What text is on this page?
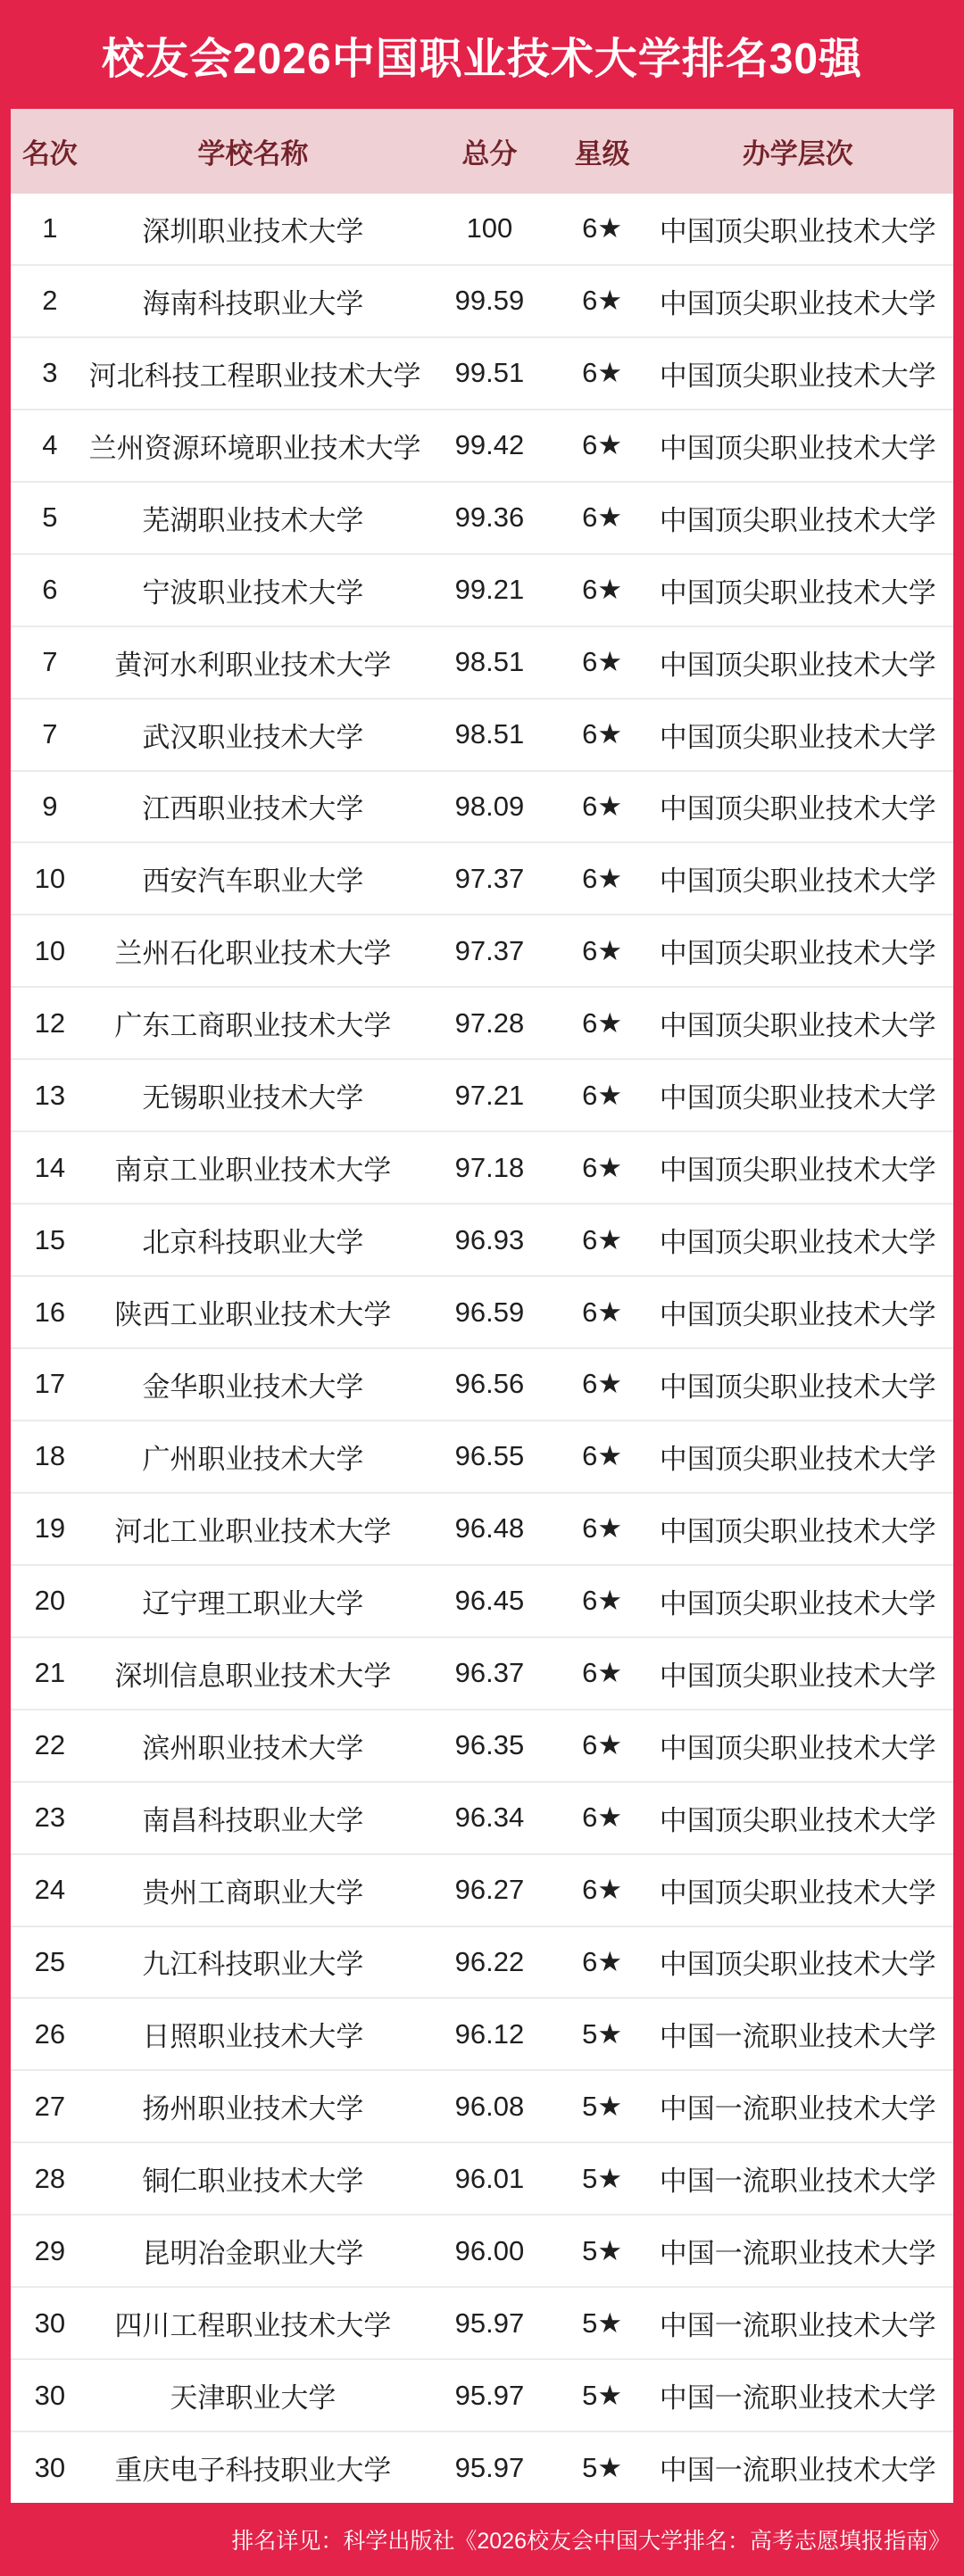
校友会2026中国职业技术大学排名30强
名次	学校名称	总分	星级	办学层次
1	深圳职业技术大学	100	6★	中国顶尖职业技术大学
2	海南科技职业大学	99.59	6★	中国顶尖职业技术大学
3	河北科技工程职业技术大学	99.51	6★	中国顶尖职业技术大学
4	兰州资源环境职业技术大学	99.42	6★	中国顶尖职业技术大学
5	芜湖职业技术大学	99.36	6★	中国顶尖职业技术大学
6	宁波职业技术大学	99.21	6★	中国顶尖职业技术大学
7	黄河水利职业技术大学	98.51	6★	中国顶尖职业技术大学
7	武汉职业技术大学	98.51	6★	中国顶尖职业技术大学
9	江西职业技术大学	98.09	6★	中国顶尖职业技术大学
10	西安汽车职业大学	97.37	6★	中国顶尖职业技术大学
10	兰州石化职业技术大学	97.37	6★	中国顶尖职业技术大学
12	广东工商职业技术大学	97.28	6★	中国顶尖职业技术大学
13	无锡职业技术大学	97.21	6★	中国顶尖职业技术大学
14	南京工业职业技术大学	97.18	6★	中国顶尖职业技术大学
15	北京科技职业大学	96.93	6★	中国顶尖职业技术大学
16	陕西工业职业技术大学	96.59	6★	中国顶尖职业技术大学
17	金华职业技术大学	96.56	6★	中国顶尖职业技术大学
18	广州职业技术大学	96.55	6★	中国顶尖职业技术大学
19	河北工业职业技术大学	96.48	6★	中国顶尖职业技术大学
20	辽宁理工职业大学	96.45	6★	中国顶尖职业技术大学
21	深圳信息职业技术大学	96.37	6★	中国顶尖职业技术大学
22	滨州职业技术大学	96.35	6★	中国顶尖职业技术大学
23	南昌科技职业大学	96.34	6★	中国顶尖职业技术大学
24	贵州工商职业大学	96.27	6★	中国顶尖职业技术大学
25	九江科技职业大学	96.22	6★	中国顶尖职业技术大学
26	日照职业技术大学	96.12	5★	中国一流职业技术大学
27	扬州职业技术大学	96.08	5★	中国一流职业技术大学
28	铜仁职业技术大学	96.01	5★	中国一流职业技术大学
29	昆明冶金职业大学	96.00	5★	中国一流职业技术大学
30	四川工程职业技术大学	95.97	5★	中国一流职业技术大学
30	天津职业大学	95.97	5★	中国一流职业技术大学
30	重庆电子科技职业大学	95.97	5★	中国一流职业技术大学
排名详见：科学出版社《2026校友会中国大学排名：高考志愿填报指南》
